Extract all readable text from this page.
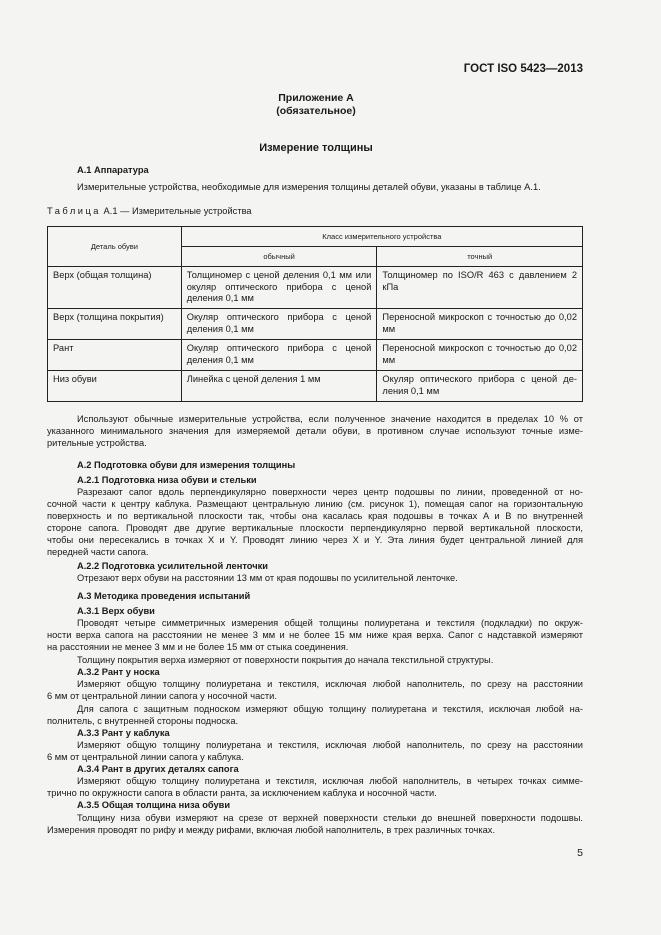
ГОСТ ISO 5423—2013
Приложение А
(обязательное)
Измерение толщины
А.1 Аппаратура
Измерительные устройства, необходимые для измерения толщины деталей обуви, указаны в таблице А.1.
Таблица А.1 — Измерительные устройства
Деталь обуви	Класс измерительного устройства	
	обычный	точный
Верх (общая толщина)	Толщиномер с ценой деления 0,1 мм или окуляр оптического прибора с ценой деления 0,1 мм	Толщиномер по ISO/R 463 с давлением 2 кПа
Верх (толщина покрытия)	Окуляр оптического прибора с ценой деления 0,1 мм	Переносной микроскоп с точностью до 0,02 мм
Рант	Окуляр оптического прибора с ценой деления 0,1 мм	Переносной микроскоп с точностью до 0,02 мм
Низ обуви	Линейка с ценой деления 1 мм	Окуляр оптического прибора с ценой деления 0,1 мм
Используют обычные измерительные устройства, если полученное значение находится в пределах 10 % от
указанного минимального значения для измеряемой детали обуви, в противном случае используют точные изме-
рительные устройства.
А.2 Подготовка обуви для измерения толщины
А.2.1 Подготовка низа обуви и стельки
Разрезают сапог вдоль перпендикулярно поверхности через центр подошвы по линии, проведенной от но-
сочной части к центру каблука. Размещают центральную линию (см. рисунок 1), помещая сапог на горизонтальную
поверхность и по вертикальной плоскости так, чтобы она касалась края подошвы в точках A и B по внутренней
стороне сапога. Проводят две другие вертикальные плоскости перпендикулярно первой вертикальной плоскости,
чтобы они пересекались в точках X и Y. Проводят линию через X и Y. Эта линия будет центральной линией для
передней части сапога.
А.2.2 Подготовка усилительной ленточки
Отрезают верх обуви на расстоянии 13 мм от края подошвы по усилительной ленточке.
А.3 Методика проведения испытаний
А.3.1 Верх обуви
Проводят четыре симметричных измерения общей толщины полиуретана и текстиля (подкладки) по окруж-
ности верха сапога на расстоянии не менее 3 мм и не более 15 мм ниже края верха. Сапог с надставкой измеряют
на расстоянии не менее 3 мм и не более 15 мм от стыка соединения.
Толщину покрытия верха измеряют от поверхности покрытия до начала текстильной структуры.
А.3.2 Рант у носка
Измеряют общую толщину полиуретана и текстиля, исключая любой наполнитель, по срезу на расстоянии
6 мм от центральной линии сапога у носочной части.
Для сапога с защитным подноском измеряют общую толщину полиуретана и текстиля, исключая любой на-
полнитель, с внутренней стороны подноска.
А.3.3 Рант у каблука
Измеряют общую толщину полиуретана и текстиля, исключая любой наполнитель, по срезу на расстоянии
6 мм от центральной линии сапога у каблука.
А.3.4 Рант в других деталях сапога
Измеряют общую толщину полиуретана и текстиля, исключая любой наполнитель, в четырех точках симме-
трично по окружности сапога в области ранта, за исключением каблука и носочной части.
А.3.5 Общая толщина низа обуви
Толщину низа обуви измеряют на срезе от верхней поверхности стельки до внешней поверхности подошвы.
Измерения проводят по рифу и между рифами, включая любой наполнитель, в трех различных точках.
5
